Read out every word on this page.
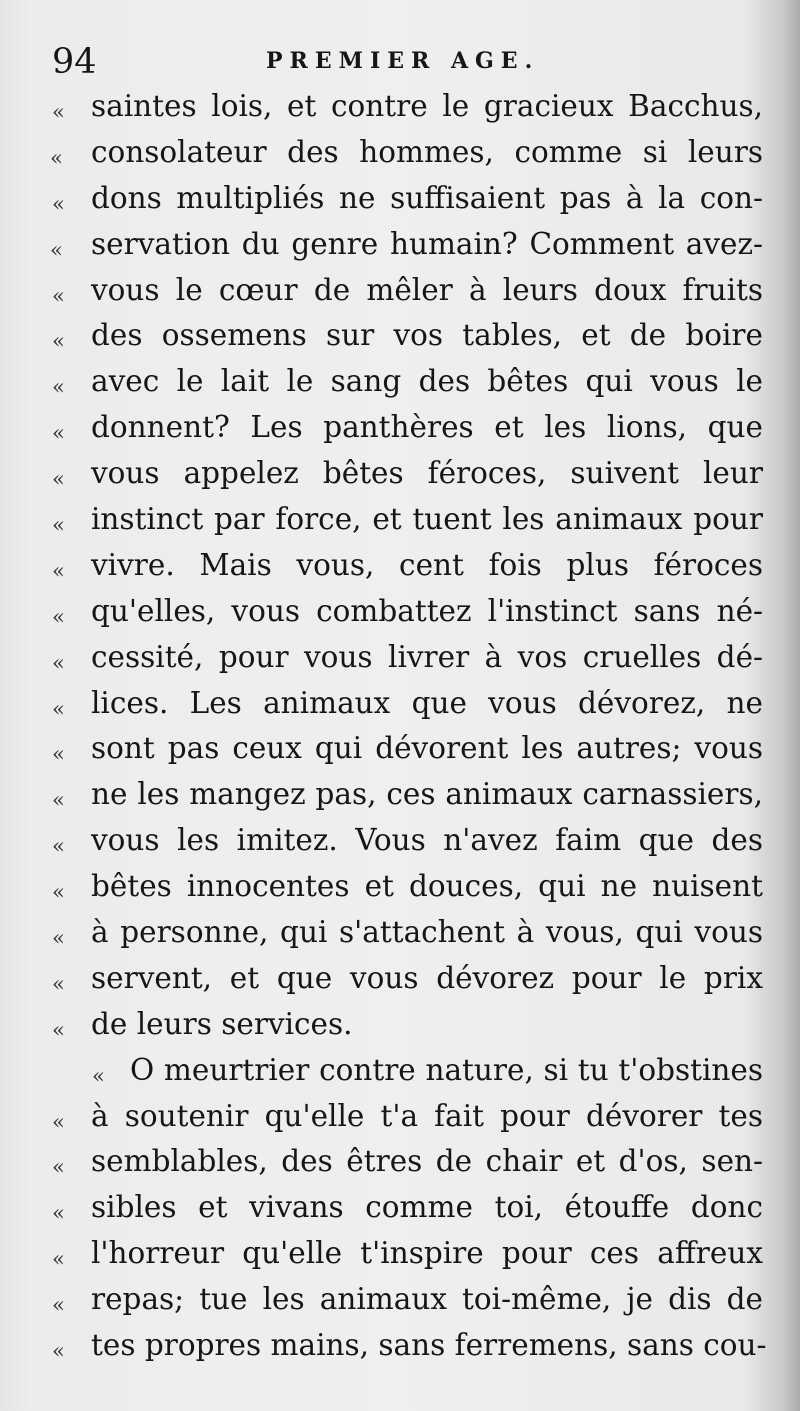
94	PREMIER AGE.
« saintes lois, et contre le gracieux Bacchus,
« consolateur des hommes, comme si leurs
« dons multipliés ne suffisaient pas à la con-
« servation du genre humain? Comment avez-
« vous le cœur de mêler à leurs doux fruits
« des ossemens sur vos tables, et de boire
« avec le lait le sang des bêtes qui vous le
« donnent? Les panthères et les lions, que
« vous appelez bêtes féroces, suivent leur
« instinct par force, et tuent les animaux pour
« vivre. Mais vous, cent fois plus féroces
« qu'elles, vous combattez l'instinct sans né-
« cessité, pour vous livrer à vos cruelles dé-
« lices. Les animaux que vous dévorez, ne
« sont pas ceux qui dévorent les autres; vous
« ne les mangez pas, ces animaux carnassiers,
« vous les imitez. Vous n'avez faim que des
« bêtes innocentes et douces, qui ne nuisent
« à personne, qui s'attachent à vous, qui vous
« servent, et que vous dévorez pour le prix
« de leurs services.
« O meurtrier contre nature, si tu t'obstines
« à soutenir qu'elle t'a fait pour dévorer tes
« semblables, des êtres de chair et d'os, sen-
« sibles et vivans comme toi, étouffe donc
« l'horreur qu'elle t'inspire pour ces affreux
« repas; tue les animaux toi-même, je dis de
« tes propres mains, sans ferremens, sans cou-
